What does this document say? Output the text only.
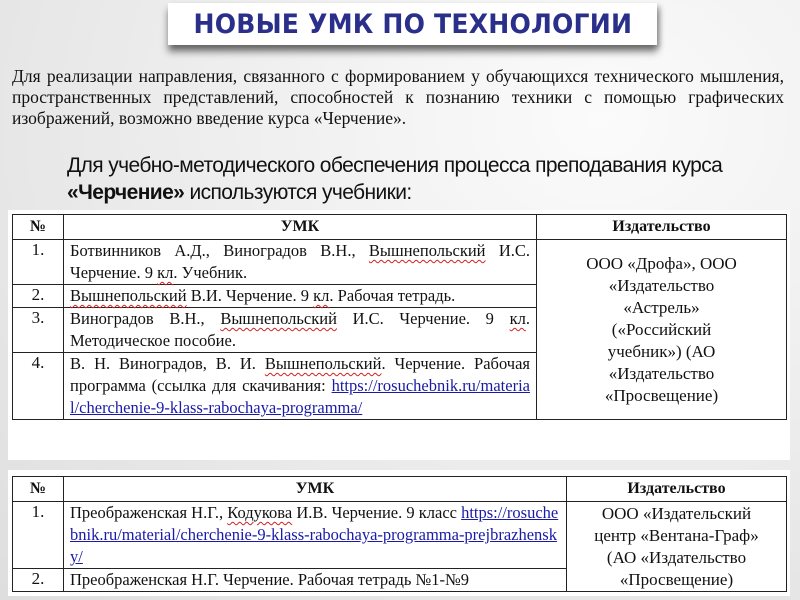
НОВЫЕ УМК ПО ТЕХНОЛОГИИ
Для реализации направления, связанного с формированием у обучающихся технического мышления, пространственных представлений, способностей к познанию техники с помощью графических изображений, возможно введение курса «Черчение».
Для учебно-методического обеспечения процесса преподавания курса
«Черчение» используются учебники:
№	УМК	Издательство
1.	Ботвинников А.Д., Виноградов В.Н., Вышнепольский И.С. Черчение. 9 кл. Учебник.	ООО «Дрофа», ООО «Издательство «Астрель» («Российский учебник») (АО «Издательство «Просвещение)
2.	Вышнепольский В.И. Черчение. 9 кл. Рабочая тетрадь.	
3.	Виноградов В.Н., Вышнепольский И.С. Черчение. 9 кл. Методическое пособие.	
4.	В. Н. Виноградов, В. И. Вышнепольский. Черчение. Рабочая программа (ссылка для скачивания: https://rosuchebnik.ru/material/cherchenie-9-klass-rabochaya-programma/	
№	УМК	Издательство
1.	Преображенская Н.Г., Кодукова И.В. Черчение. 9 класс https://rosuchebnik.ru/material/cherchenie-9-klass-rabochaya-programma-prejbrazhensky/	ООО «Издательский центр «Вентана-Граф» (АО «Издательство «Просвещение)
2.	Преображенская Н.Г. Черчение. Рабочая тетрадь №1-№9	
